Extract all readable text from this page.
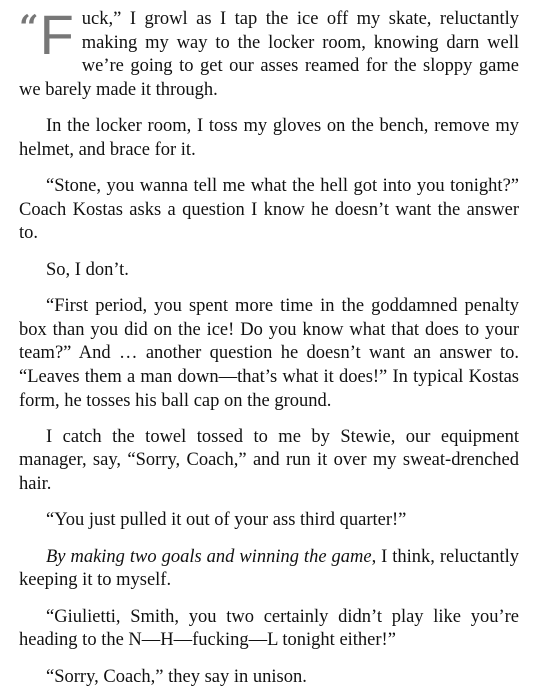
“ F uck,” I growl as I tap the ice off my skate, reluctantly making my way to the locker room, knowing darn well we’re going to get our asses reamed for the sloppy game we barely made it through.

In the locker room, I toss my gloves on the bench, remove my helmet, and brace for it.

“Stone, you wanna tell me what the hell got into you tonight?” Coach Kostas asks a question I know he doesn’t want the answer to.

So, I don’t.

“First period, you spent more time in the goddamned penalty box than you did on the ice! Do you know what that does to your team?” And … another question he doesn’t want an answer to. “Leaves them a man down—that’s what it does!” In typical Kostas form, he tosses his ball cap on the ground.

I catch the towel tossed to me by Stewie, our equipment manager, say, “Sorry, Coach,” and run it over my sweat-drenched hair.

“You just pulled it out of your ass third quarter!”

By making two goals and winning the game, I think, reluctantly keeping it to myself.

“Giulietti, Smith, you two certainly didn’t play like you’re heading to the N—H—fucking—L tonight either!”

“Sorry, Coach,” they say in unison.
